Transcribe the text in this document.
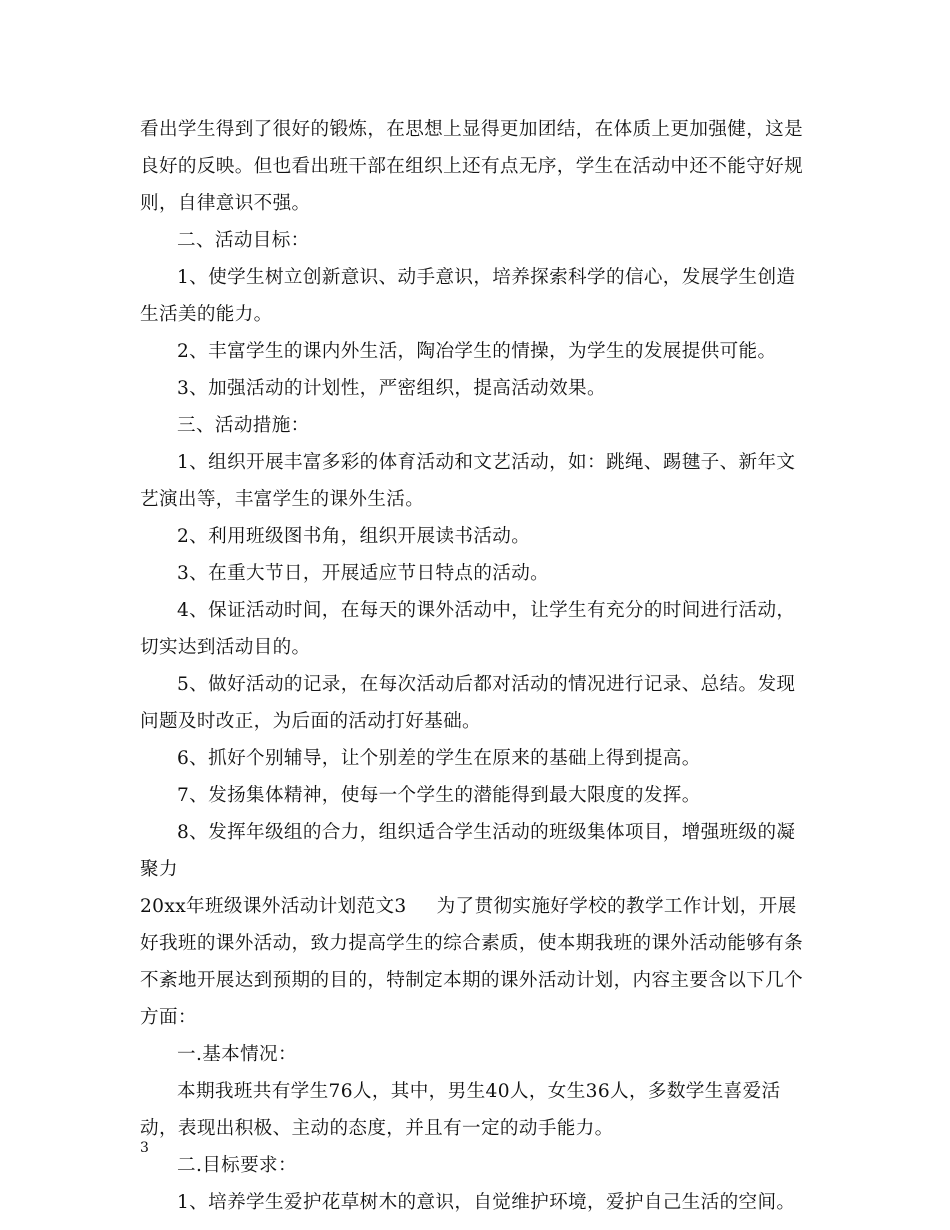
看出学生得到了很好的锻炼，在思想上显得更加团结，在体质上更加强健，这是良好的反映。但也看出班干部在组织上还有点无序，学生在活动中还不能守好规则，自律意识不强。

二、活动目标：

1、使学生树立创新意识、动手意识，培养探索科学的信心，发展学生创造生活美的能力。

2、丰富学生的课内外生活，陶冶学生的情操，为学生的发展提供可能。

3、加强活动的计划性，严密组织，提高活动效果。

三、活动措施：

1、组织开展丰富多彩的体育活动和文艺活动，如：跳绳、踢毽子、新年文艺演出等，丰富学生的课外生活。

2、利用班级图书角，组织开展读书活动。

3、在重大节日，开展适应节日特点的活动。

4、保证活动时间，在每天的课外活动中，让学生有充分的时间进行活动，切实达到活动目的。

5、做好活动的记录，在每次活动后都对活动的情况进行记录、总结。发现问题及时改正，为后面的活动打好基础。

6、抓好个别辅导，让个别差的学生在原来的基础上得到提高。

7、发扬集体精神，使每一个学生的潜能得到最大限度的发挥。

8、发挥年级组的合力，组织适合学生活动的班级集体项目，增强班级的凝聚力

20xx年班级课外活动计划范文3 为了贯彻实施好学校的教学工作计划，开展好我班的课外活动，致力提高学生的综合素质，使本期我班的课外活动能够有条不紊地开展达到预期的目的，特制定本期的课外活动计划，内容主要含以下几个方面：

一.基本情况：

本期我班共有学生76人，其中，男生40人，女生36人，多数学生喜爱活动，表现出积极、主动的态度，并且有一定的动手能力。

二.目标要求：

1、培养学生爱护花草树木的意识，自觉维护环境，爱护自己生活的空间。

3
